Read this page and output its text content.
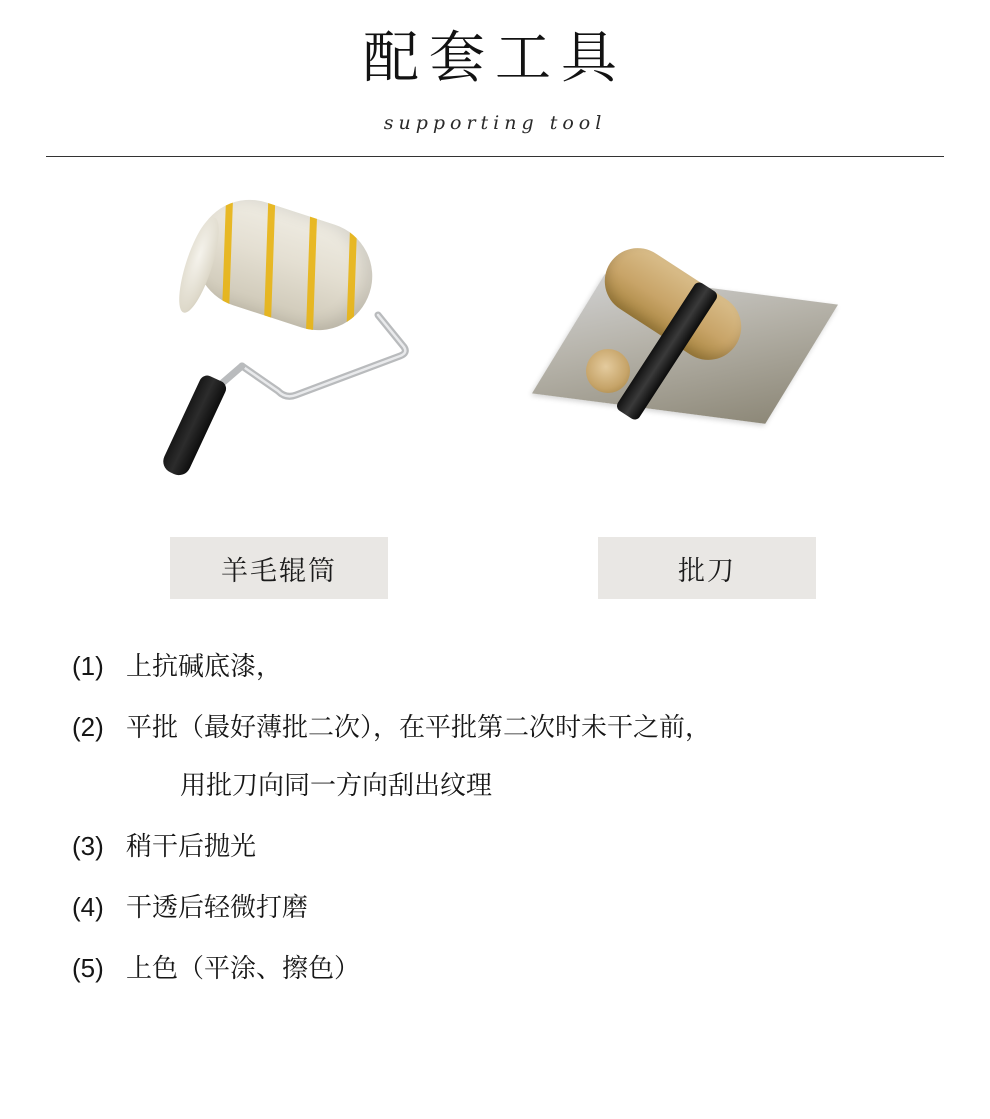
配套工具
supporting tool
羊毛辊筒	批刀
(1) 上抗碱底漆，
(2) 平批（最好薄批二次），在平批第二次时未干之前，
用批刀向同一方向刮出纹理
(3) 稍干后抛光
(4) 干透后轻微打磨
(5) 上色（平涂、擦色）
